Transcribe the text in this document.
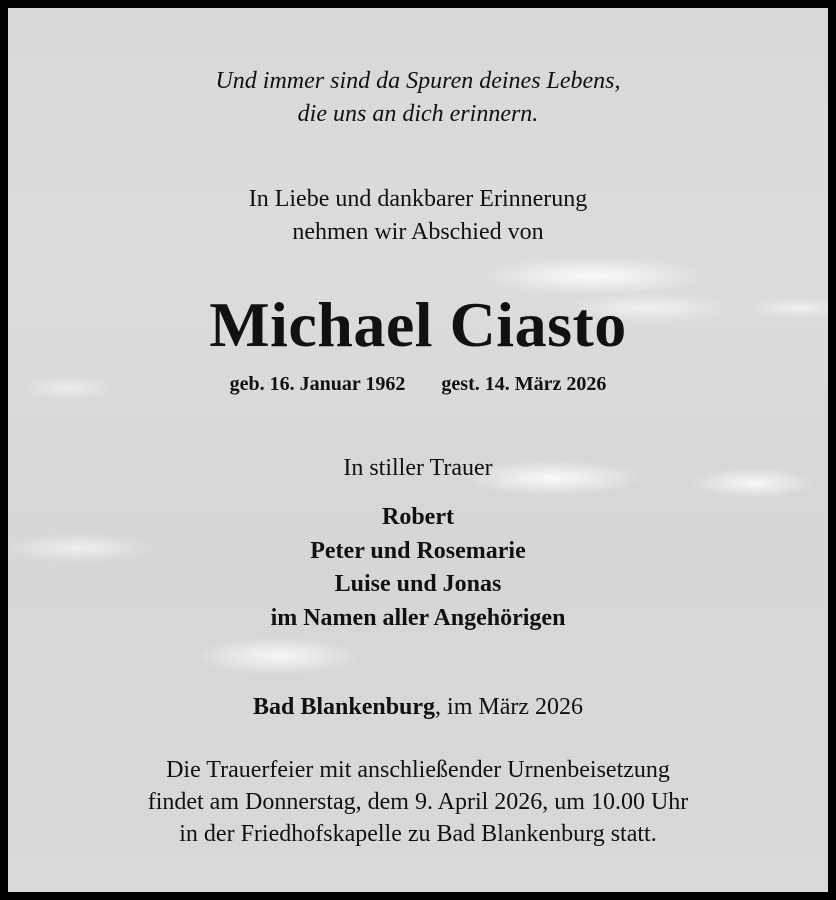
Und immer sind da Spuren deines Lebens,
die uns an dich erinnern.
In Liebe und dankbarer Erinnerung
nehmen wir Abschied von
Michael Ciasto
geb. 16. Januar 1962 gest. 14. März 2026
In stiller Trauer
Robert
Peter und Rosemarie
Luise und Jonas
im Namen aller Angehörigen
Bad Blankenburg, im März 2026
Die Trauerfeier mit anschließender Urnenbeisetzung
findet am Donnerstag, dem 9. April 2026, um 10.00 Uhr
in der Friedhofskapelle zu Bad Blankenburg statt.
